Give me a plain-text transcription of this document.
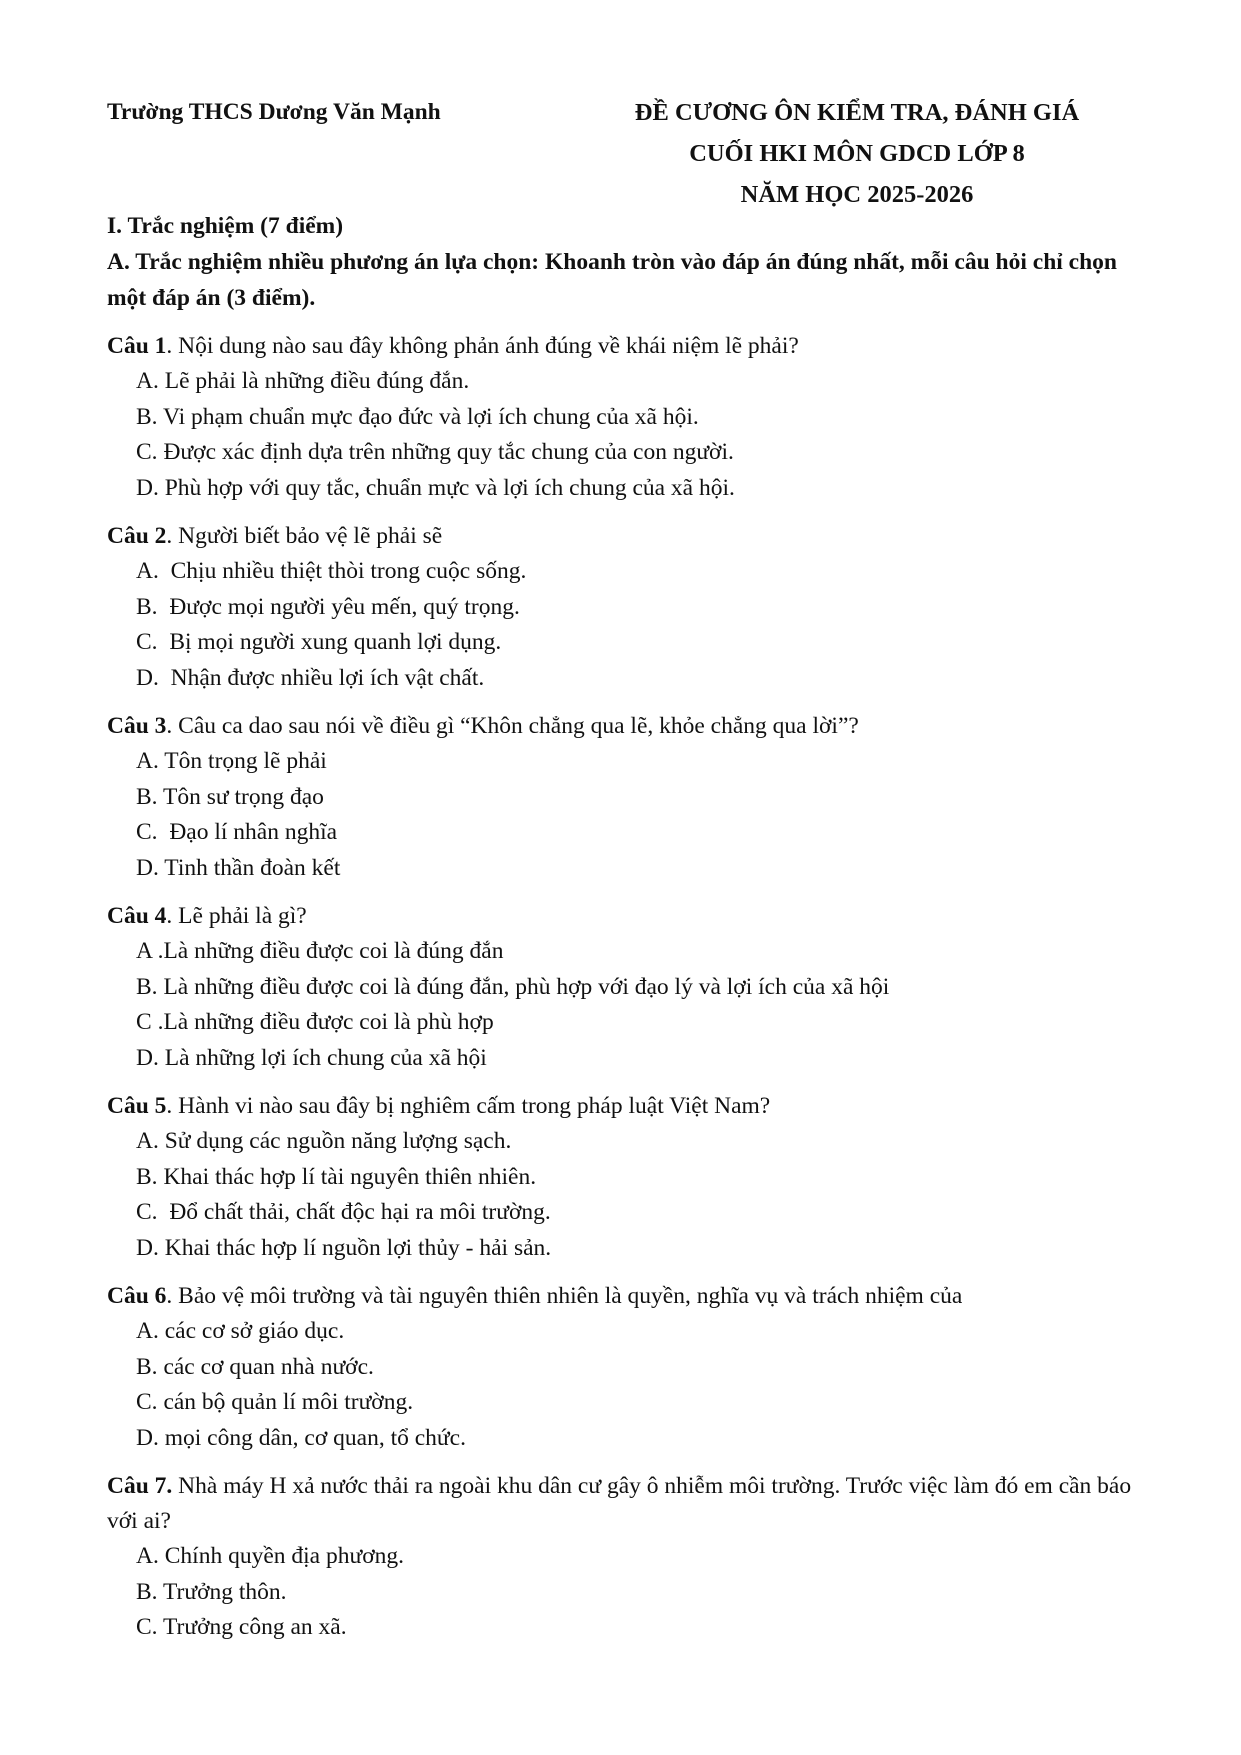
Trường THCS Dương Văn Mạnh	ĐỀ CƯƠNG ÔN KIỂM TRA, ĐÁNH GIÁ
CUỐI HKI MÔN GDCD LỚP 8
NĂM HỌC 2025-2026
I. Trắc nghiệm (7 điểm)
A. Trắc nghiệm nhiều phương án lựa chọn: Khoanh tròn vào đáp án đúng nhất, mỗi câu hỏi chỉ chọn một đáp án (3 điểm).
Câu 1. Nội dung nào sau đây không phản ánh đúng về khái niệm lẽ phải?
A. Lẽ phải là những điều đúng đắn.
B. Vi phạm chuẩn mực đạo đức và lợi ích chung của xã hội.
C. Được xác định dựa trên những quy tắc chung của con người.
D. Phù hợp với quy tắc, chuẩn mực và lợi ích chung của xã hội.
Câu 2. Người biết bảo vệ lẽ phải sẽ
A.  Chịu nhiều thiệt thòi trong cuộc sống.
B.  Được mọi người yêu mến, quý trọng.
C.  Bị mọi người xung quanh lợi dụng.
D.  Nhận được nhiều lợi ích vật chất.
Câu 3. Câu ca dao sau nói về điều gì “Khôn chẳng qua lẽ, khỏe chẳng qua lời”?
A. Tôn trọng lẽ phải
B. Tôn sư trọng đạo
C.  Đạo lí nhân nghĩa
D. Tinh thần đoàn kết
Câu 4. Lẽ phải là gì?
A .Là những điều được coi là đúng đắn
B. Là những điều được coi là đúng đắn, phù hợp với đạo lý và lợi ích của xã hội
C .Là những điều được coi là phù hợp
D. Là những lợi ích chung của xã hội
Câu 5. Hành vi nào sau đây bị nghiêm cấm trong pháp luật Việt Nam?
A. Sử dụng các nguồn năng lượng sạch.
B. Khai thác hợp lí tài nguyên thiên nhiên.
C.  Đổ chất thải, chất độc hại ra môi trường.
D. Khai thác hợp lí nguồn lợi thủy - hải sản.
Câu 6. Bảo vệ môi trường và tài nguyên thiên nhiên là quyền, nghĩa vụ và trách nhiệm của
A. các cơ sở giáo dục.
B. các cơ quan nhà nước.
C. cán bộ quản lí môi trường.
D. mọi công dân, cơ quan, tổ chức.
Câu 7. Nhà máy H xả nước thải ra ngoài khu dân cư gây ô nhiễm môi trường. Trước việc làm đó em cần báo với ai?
A. Chính quyền địa phương.
B. Trưởng thôn.
C. Trưởng công an xã.
